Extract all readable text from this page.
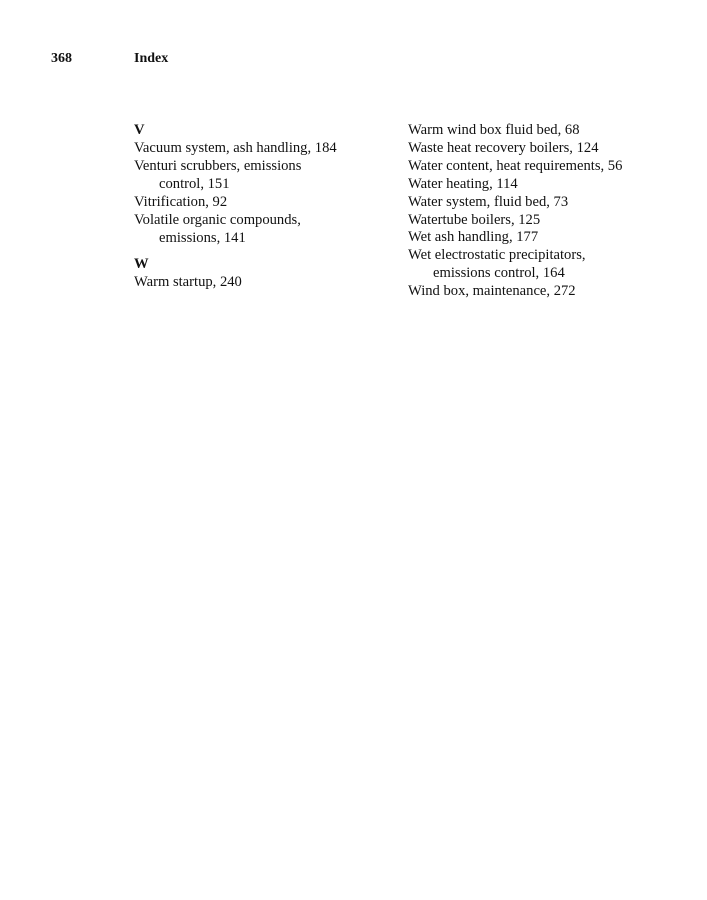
368	Index
V
Vacuum system, ash handling, 184
Venturi scrubbers, emissions
control, 151
Vitrification, 92
Volatile organic compounds,
emissions, 141
W
Warm startup, 240
Warm wind box fluid bed, 68
Waste heat recovery boilers, 124
Water content, heat requirements, 56
Water heating, 114
Water system, fluid bed, 73
Watertube boilers, 125
Wet ash handling, 177
Wet electrostatic precipitators,
emissions control, 164
Wind box, maintenance, 272
